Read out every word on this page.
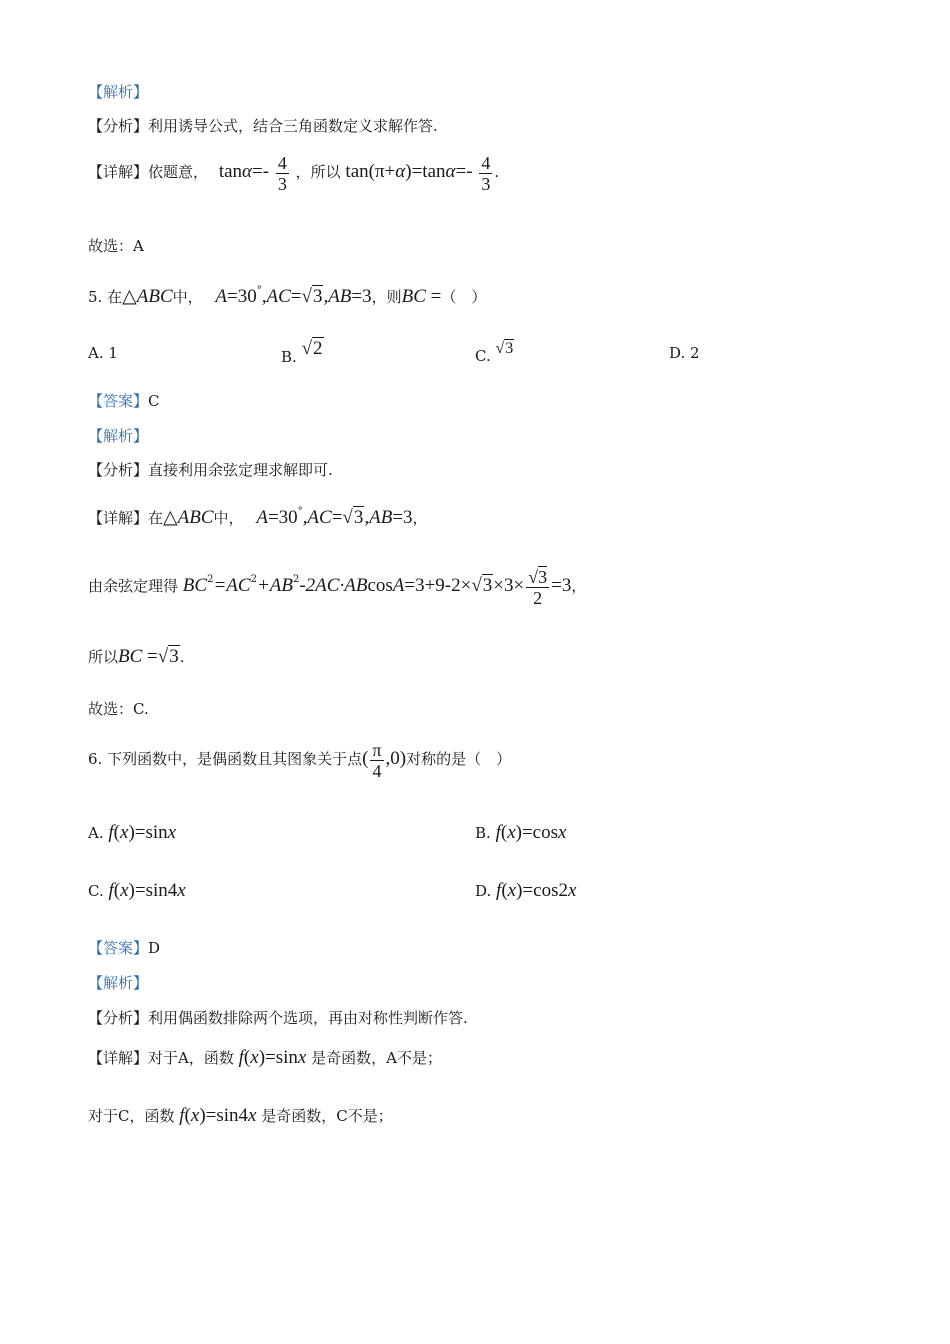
【解析】
【分析】利用诱导公式，结合三角函数定义求解作答.
【详解】依题意， $\tan\alpha=- \frac{4}{3}$ ，所以 $\tan(\pi+\alpha)=\tan\alpha=- \frac{4}{3}$ .
故选：A
5. 在△ABC中， A=30°,AC=√3,AB=3，则BC =（　）
A. 1	B. √2	C. √3	D. 2
【答案】C
【解析】
【分析】直接利用余弦定理求解即可.
【详解】在△ABC中， A=30°,AC=√3,AB=3，
由余弦定理得 $BC^2=AC^2+AB^2-2AC\cdot ABcosA=3+9-2\times√3\times 3\times \frac{√3}{2} =3$，
所以BC =√3.
故选：C.
6. 下列函数中，是偶函数且其图象关于点( $\frac{\pi}{4} ,0$)对称的是（　）
A. f(x)=sinx	B. f(x)=cosx
C. f(x)=sin4x	D. f(x)=cos2x
【答案】D
【解析】
【分析】利用偶函数排除两个选项，再由对称性判断作答.
【详解】对于A，函数 f(x)=sinx 是奇函数，A不是；
对于C，函数 f(x)=sin4x 是奇函数，C不是；
